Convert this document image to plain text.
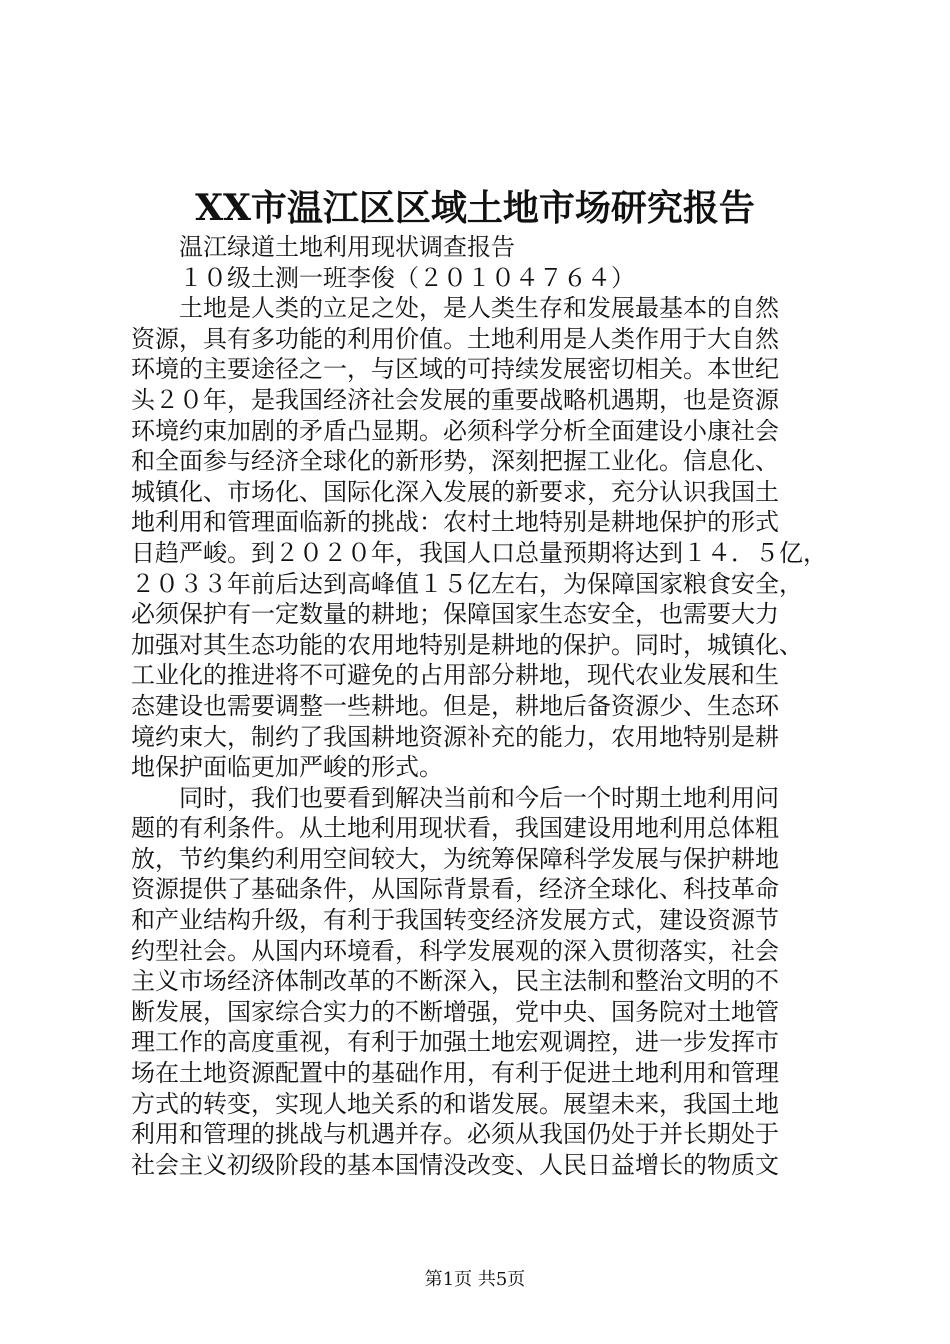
XX市温江区区域土地市场研究报告
温江绿道土地利用现状调查报告
１０级土测一班李俊（２０１０４７６４）
土地是人类的立足之处，是人类生存和发展最基本的自然
资源，具有多功能的利用价值。土地利用是人类作用于大自然
环境的主要途径之一，与区域的可持续发展密切相关。本世纪
头２０年，是我国经济社会发展的重要战略机遇期，也是资源
环境约束加剧的矛盾凸显期。必须科学分析全面建设小康社会
和全面参与经济全球化的新形势，深刻把握工业化。信息化、
城镇化、市场化、国际化深入发展的新要求，充分认识我国土
地利用和管理面临新的挑战：农村土地特别是耕地保护的形式
日趋严峻。到２０２０年，我国人口总量预期将达到１４．５亿，
２０３３年前后达到高峰值１５亿左右，为保障国家粮食安全，
必须保护有一定数量的耕地；保障国家生态安全，也需要大力
加强对其生态功能的农用地特别是耕地的保护。同时，城镇化、
工业化的推进将不可避免的占用部分耕地，现代农业发展和生
态建设也需要调整一些耕地。但是，耕地后备资源少、生态环
境约束大，制约了我国耕地资源补充的能力，农用地特别是耕
地保护面临更加严峻的形式。
同时，我们也要看到解决当前和今后一个时期土地利用问
题的有利条件。从土地利用现状看，我国建设用地利用总体粗
放，节约集约利用空间较大，为统筹保障科学发展与保护耕地
资源提供了基础条件，从国际背景看，经济全球化、科技革命
和产业结构升级，有利于我国转变经济发展方式，建设资源节
约型社会。从国内环境看，科学发展观的深入贯彻落实，社会
主义市场经济体制改革的不断深入，民主法制和整治文明的不
断发展，国家综合实力的不断增强，党中央、国务院对土地管
理工作的高度重视，有利于加强土地宏观调控，进一步发挥市
场在土地资源配置中的基础作用，有利于促进土地利用和管理
方式的转变，实现人地关系的和谐发展。展望未来，我国土地
利用和管理的挑战与机遇并存。必须从我国仍处于并长期处于
社会主义初级阶段的基本国情没改变、人民日益增长的物质文
第1页 共5页
